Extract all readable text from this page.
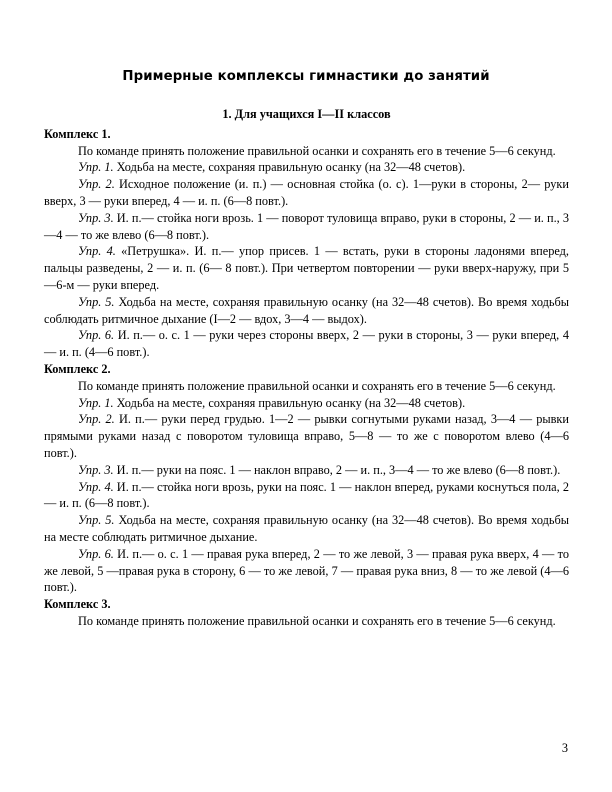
Примерные комплексы гимнастики до занятий

1. Для учащихся I—II классов

Комплекс 1.

По команде принять положение правильной осанки и сохранять его в течение 5—6 секунд.

Упр. 1. Ходьба на месте, сохраняя правильную осанку (на 32—48 счетов).

Упр. 2. Исходное положение (и. п.) — основная стойка (о. с). 1—руки в стороны, 2— руки вверх, 3 — руки вперед, 4 — и. п. (6—8 повт.).

Упр. 3. И. п.— стойка ноги врозь. 1 — поворот туловища вправо, руки в стороны, 2 — и. п., 3—4 — то же влево (6—8 повт.).

Упр. 4. «Петрушка». И. п.— упор присев. 1 — встать, руки в стороны ладонями вперед, пальцы разведены, 2 — и. п. (6— 8 повт.). При четвертом повторении — руки вверх-наружу, при 5—6-м — руки вперед.

Упр. 5. Ходьба на месте, сохраняя правильную осанку (на 32—48 счетов). Во время ходьбы соблюдать ритмичное дыхание (I—2 — вдох, 3—4 — выдох).

Упр. 6. И. п.— о. с. 1 — руки через стороны вверх, 2 — руки в стороны, 3 — руки вперед, 4 — и. п. (4—6 повт.).

Комплекс 2.

По команде принять положение правильной осанки и сохранять его в течение 5—6 секунд.

Упр. 1. Ходьба на месте, сохраняя правильную осанку (на 32—48 счетов).

Упр. 2. И. п.— руки перед грудью. 1—2 — рывки согнутыми руками назад, 3—4 — рывки прямыми руками назад с поворотом туловища вправо, 5—8 — то же с поворотом влево (4—6 повт.).

Упр. 3. И. п.— руки на пояс. 1 — наклон вправо, 2 — и. п., 3—4 — то же влево (6—8 повт.).

Упр. 4. И. п.— стойка ноги врозь, руки на пояс. 1 — наклон вперед, руками коснуться пола, 2 — и. п. (6—8 повт.).

Упр. 5. Ходьба на месте, сохраняя правильную осанку (на 32—48 счетов). Во время ходьбы на месте соблюдать ритмичное дыхание.

Упр. 6. И. п.— о. с. 1 — правая рука вперед, 2 — то же левой, 3 — правая рука вверх, 4 — то же левой, 5 —правая рука в сторону, 6 — то же левой, 7 — правая рука вниз, 8 — то же левой (4—6 повт.).

Комплекс 3.

По команде принять положение правильной осанки и сохранять его в течение 5—6 секунд.

3
